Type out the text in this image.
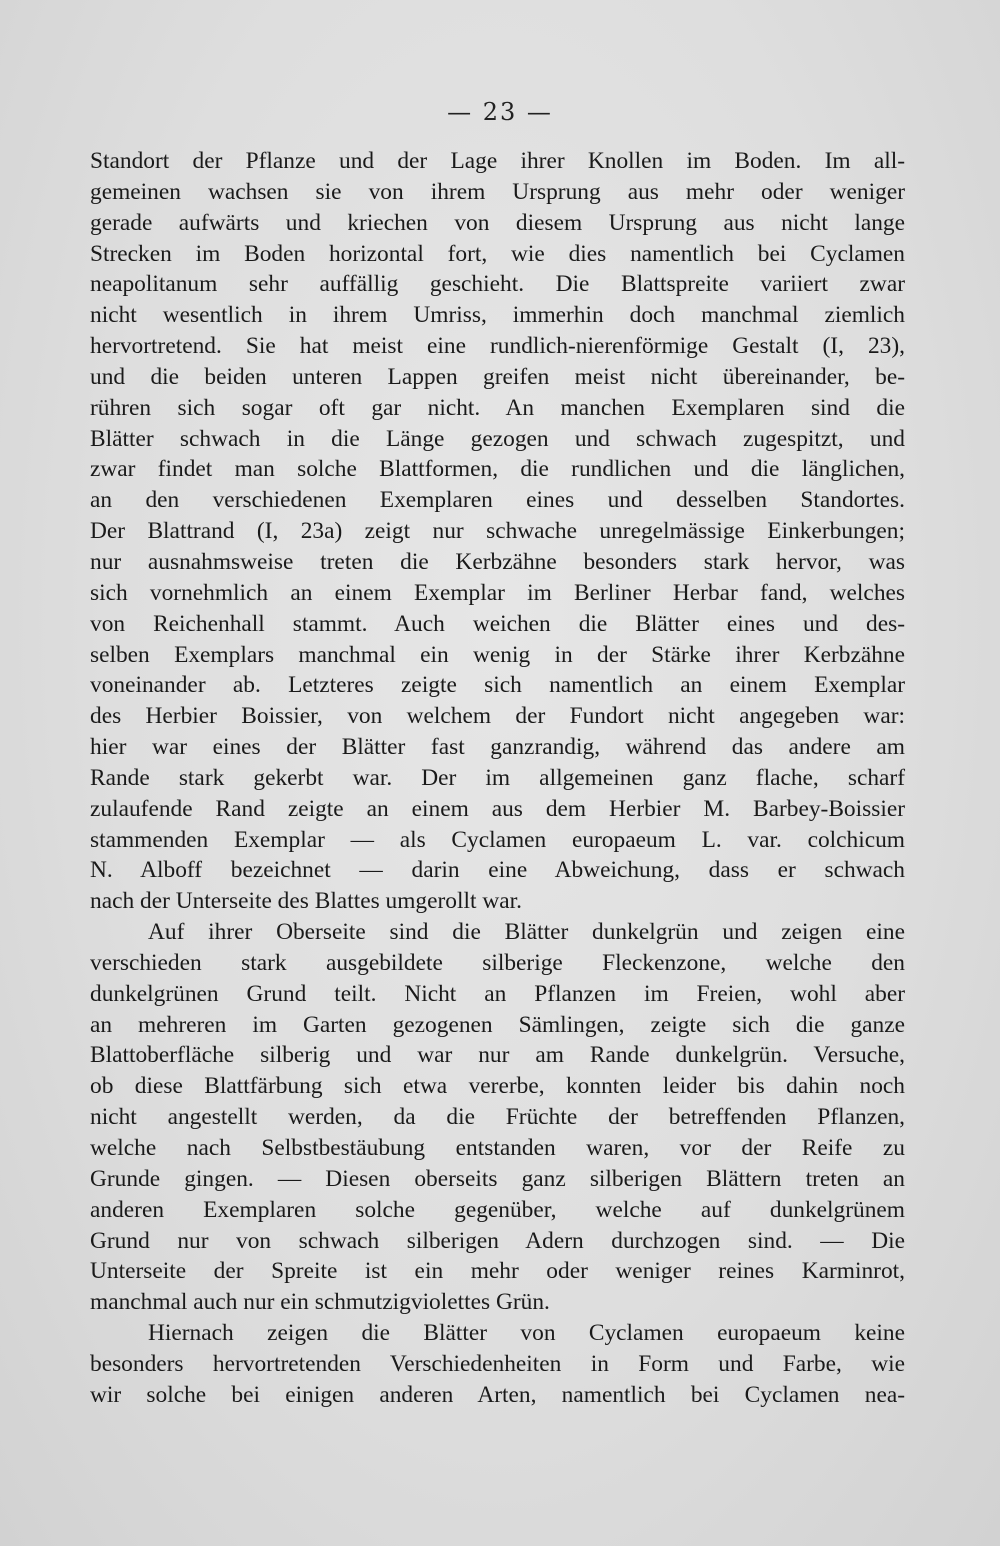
— 23 —

Standort der Pflanze und der Lage ihrer Knollen im Boden. Im all-
gemeinen wachsen sie von ihrem Ursprung aus mehr oder weniger
gerade aufwärts und kriechen von diesem Ursprung aus nicht lange
Strecken im Boden horizontal fort, wie dies namentlich bei Cyclamen
neapolitanum sehr auffällig geschieht. Die Blattspreite variiert zwar
nicht wesentlich in ihrem Umriss, immerhin doch manchmal ziemlich
hervortretend. Sie hat meist eine rundlich-nierenförmige Gestalt (I, 23),
und die beiden unteren Lappen greifen meist nicht übereinander, be-
rühren sich sogar oft gar nicht. An manchen Exemplaren sind die
Blätter schwach in die Länge gezogen und schwach zugespitzt, und
zwar findet man solche Blattformen, die rundlichen und die länglichen,
an den verschiedenen Exemplaren eines und desselben Standortes.
Der Blattrand (I, 23a) zeigt nur schwache unregelmässige Einkerbungen;
nur ausnahmsweise treten die Kerbzähne besonders stark hervor, was
sich vornehmlich an einem Exemplar im Berliner Herbar fand, welches
von Reichenhall stammt. Auch weichen die Blätter eines und des-
selben Exemplars manchmal ein wenig in der Stärke ihrer Kerbzähne
voneinander ab. Letzteres zeigte sich namentlich an einem Exemplar
des Herbier Boissier, von welchem der Fundort nicht angegeben war:
hier war eines der Blätter fast ganzrandig, während das andere am
Rande stark gekerbt war. Der im allgemeinen ganz flache, scharf
zulaufende Rand zeigte an einem aus dem Herbier M. Barbey-Boissier
stammenden Exemplar — als Cyclamen europaeum L. var. colchicum
N. Alboff bezeichnet — darin eine Abweichung, dass er schwach
nach der Unterseite des Blattes umgerollt war.

Auf ihrer Oberseite sind die Blätter dunkelgrün und zeigen eine
verschieden stark ausgebildete silberige Fleckenzone, welche den
dunkelgrünen Grund teilt. Nicht an Pflanzen im Freien, wohl aber
an mehreren im Garten gezogenen Sämlingen, zeigte sich die ganze
Blattoberfläche silberig und war nur am Rande dunkelgrün. Versuche,
ob diese Blattfärbung sich etwa vererbe, konnten leider bis dahin noch
nicht angestellt werden, da die Früchte der betreffenden Pflanzen,
welche nach Selbstbestäubung entstanden waren, vor der Reife zu
Grunde gingen. — Diesen oberseits ganz silberigen Blättern treten an
anderen Exemplaren solche gegenüber, welche auf dunkelgrünem
Grund nur von schwach silberigen Adern durchzogen sind. — Die
Unterseite der Spreite ist ein mehr oder weniger reines Karminrot,
manchmal auch nur ein schmutzigviolettes Grün.

Hiernach zeigen die Blätter von Cyclamen europaeum keine
besonders hervortretenden Verschiedenheiten in Form und Farbe, wie
wir solche bei einigen anderen Arten, namentlich bei Cyclamen nea-
